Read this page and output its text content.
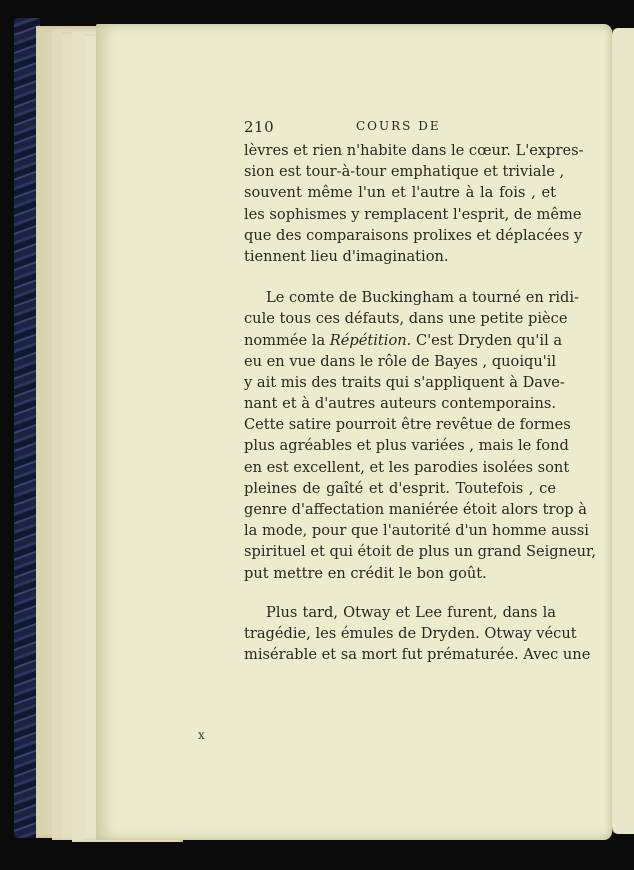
210	COURS DE
lèvres et rien n'habite dans le cœur. L'expres-
sion est tour-à-tour emphatique et triviale ,
souvent même l'un et l'autre à la fois , et
les sophismes y remplacent l'esprit, de même
que des comparaisons prolixes et déplacées y
tiennent lieu d'imagination.
Le comte de Buckingham a tourné en ridi-
cule tous ces défauts, dans une petite pièce
nommée la Répétition. C'est Dryden qu'il a
eu en vue dans le rôle de Bayes , quoiqu'il
y ait mis des traits qui s'appliquent à Dave-
nant et à d'autres auteurs contemporains.
Cette satire pourroit être revêtue de formes
plus agréables et plus variées , mais le fond
en est excellent, et les parodies isolées sont
pleines de gaîté et d'esprit. Toutefois , ce
genre d'affectation maniérée étoit alors trop à
la mode, pour que l'autorité d'un homme aussi
spirituel et qui étoit de plus un grand Seigneur,
put mettre en crédit le bon goût.
Plus tard, Otway et Lee furent, dans la
tragédie, les émules de Dryden. Otway vécut
misérable et sa mort fut prématurée. Avec une
x
